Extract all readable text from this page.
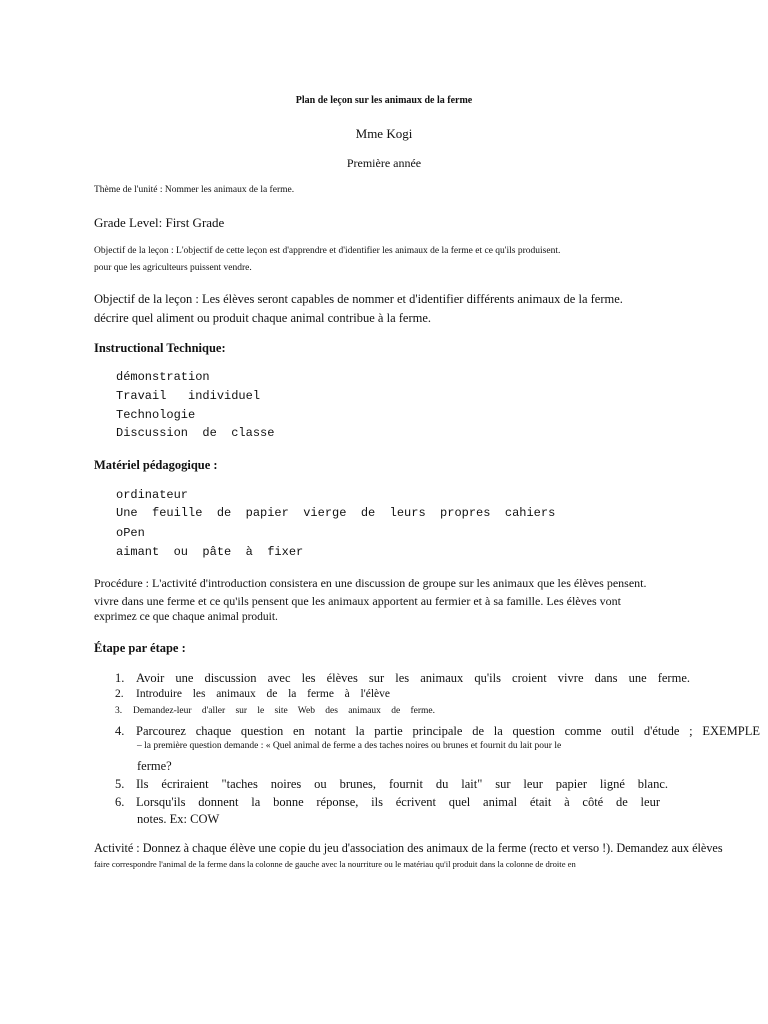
Plan de leçon sur les animaux de la ferme
Mme Kogi
Première année
Thème de l'unité : Nommer les animaux de la ferme.
Grade Level: First Grade
Objectif de la leçon : L'objectif de cette leçon est d'apprendre et d'identifier les animaux de la ferme et ce qu'ils produisent.
pour que les agriculteurs puissent vendre.
Objectif de la leçon : Les élèves seront capables de nommer et d'identifier différents animaux de la ferme.
décrire quel aliment ou produit chaque animal contribue à la ferme.
Instructional Technique:
démonstration
Travail   individuel
Technologie
Discussion  de  classe
Matériel pédagogique :
ordinateur
Une  feuille  de  papier  vierge  de  leurs  propres  cahiers
oPen
aimant  ou  pâte  à  fixer
Procédure : L'activité d'introduction consistera en une discussion de groupe sur les animaux que les élèves pensent.
vivre dans une ferme et ce qu'ils pensent que les animaux apportent au fermier et à sa famille. Les élèves vont
exprimez ce que chaque animal produit.
Étape par étape :
1. Avoir une discussion avec les élèves sur les animaux qu'ils croient vivre dans une ferme.
2. Introduire les animaux de la ferme à l'élève
3. Demandez-leur d'aller sur le site Web des animaux de ferme.
4. Parcourez chaque question en notant la partie principale de la question comme outil d'étude ; EXEMPLE
– la première question demande : « Quel animal de ferme a des taches noires ou brunes et fournit du lait pour le
ferme?
5. Ils écriraient "taches noires ou brunes, fournit du lait" sur leur papier ligné blanc.
6. Lorsqu'ils donnent la bonne réponse, ils écrivent quel animal était à côté de leur
notes. Ex: COW
Activité : Donnez à chaque élève une copie du jeu d'association des animaux de la ferme (recto et verso !). Demandez aux élèves
faire correspondre l'animal de la ferme dans la colonne de gauche avec la nourriture ou le matériau qu'il produit dans la colonne de droite en
